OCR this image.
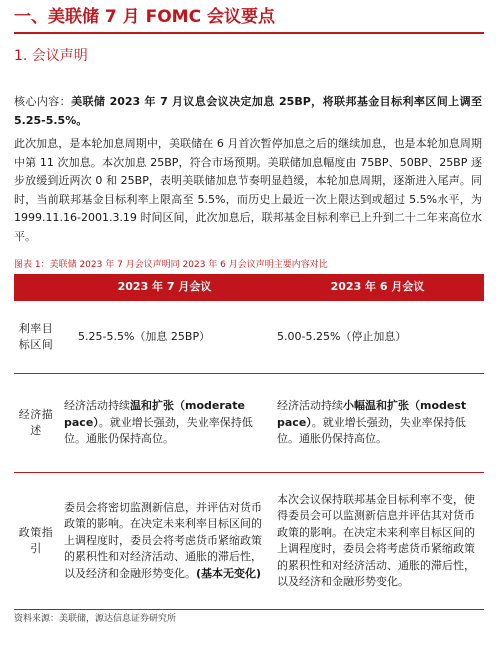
一、美联储 7 月 FOMC 会议要点
1. 会议声明
核心内容：美联储 2023 年 7 月议息会议决定加息 25BP，将联邦基金目标利率区间上调至 5.25-5.5%。
此次加息，是本轮加息周期中，美联储在 6 月首次暂停加息之后的继续加息，也是本轮加息周期中第 11 次加息。本次加息 25BP，符合市场预期。美联储加息幅度由 75BP、50BP、25BP 逐步放缓到近两次 0 和 25BP，表明美联储加息节奏明显趋缓，本轮加息周期，逐渐进入尾声。同时，当前联邦基金目标利率上限高至 5.5%，而历史上最近一次上限达到或超过 5.5%水平，为 1999.11.16-2001.3.19 时间区间，此次加息后，联邦基金目标利率已上升到二十二年来高位水平。
图表 1：美联储 2023 年 7 月会议声明同 2023 年 6 月会议声明主要内容对比
	2023 年 7 月会议	2023 年 6 月会议
利率目标区间	5.25-5.5%（加息 25BP）	5.00-5.25%（停止加息）
经济描述	经济活动持续温和扩张（moderate pace）。就业增长强劲，失业率保持低位。通胀仍保持高位。	经济活动持续小幅温和扩张（modest pace）。就业增长强劲，失业率保持低位。通胀仍保持高位。
政策指引	委员会将密切监测新信息，并评估对货币政策的影响。在决定未来利率目标区间的上调程度时，委员会将考虑货币紧缩政策的累积性和对经济活动、通胀的滞后性，以及经济和金融形势变化。(基本无变化)	本次会议保持联邦基金目标利率不变，使得委员会可以监测新信息并评估其对货币政策的影响。在决定未来利率目标区间的上调程度时，委员会将考虑货币紧缩政策的累积性和对经济活动、通胀的滞后性，以及经济和金融形势变化。
资料来源：美联储，源达信息证券研究所
